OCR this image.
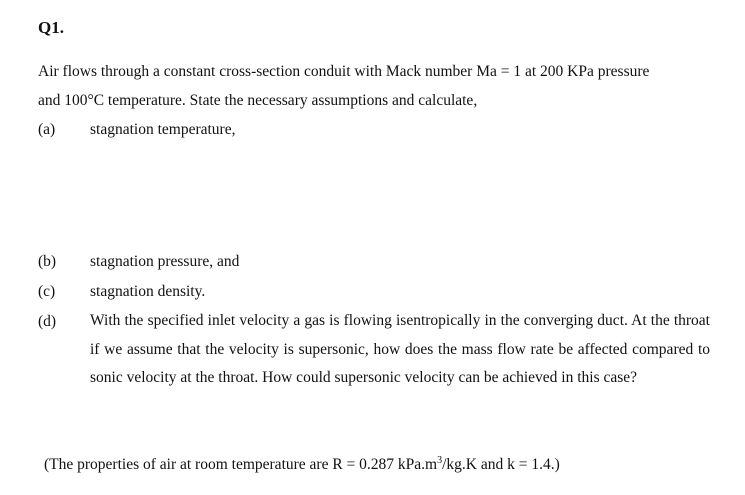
Q1.
Air flows through a constant cross-section conduit with Mack number Ma = 1 at 200 KPa pressure
and 100°C temperature. State the necessary assumptions and calculate,
(a) stagnation temperature,
(b) stagnation pressure, and
(c) stagnation density.
(d) With the specified inlet velocity a gas is flowing isentropically in the converging duct. At the throat if we assume that the velocity is supersonic, how does the mass flow rate be affected compared to sonic velocity at the throat. How could supersonic velocity can be achieved in this case?
(The properties of air at room temperature are R = 0.287 $kPa.m^3/kg.K$ and k = 1.4.)
